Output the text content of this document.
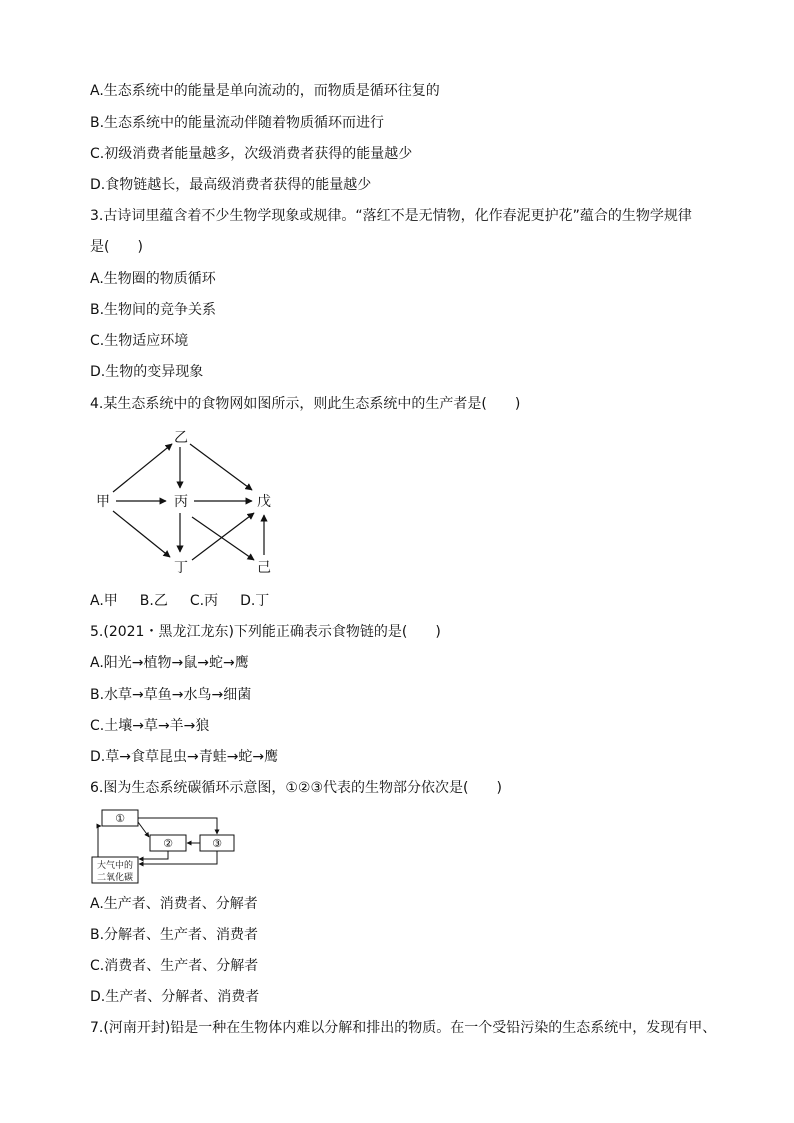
A.生态系统中的能量是单向流动的，而物质是循环往复的
B.生态系统中的能量流动伴随着物质循环而进行
C.初级消费者能量越多，次级消费者获得的能量越少
D.食物链越长，最高级消费者获得的能量越少
3.古诗词里蕴含着不少生物学现象或规律。“落红不是无情物，化作春泥更护花”蕴合的生物学规律
是(　　)
A.生物圈的物质循环
B.生物间的竞争关系
C.生物适应环境
D.生物的变异现象
4.某生态系统中的食物网如图所示，则此生态系统中的生产者是(　　)
乙
甲	丙	戊
丁	己
A.甲 B.乙 C.丙 D.丁
5.(2021・黑龙江龙东)下列能正确表示食物链的是(　　)
A.阳光→植物→鼠→蛇→鹰
B.水草→草鱼→水鸟→细菌
C.土壤→草→羊→狼
D.草→食草昆虫→青蛙→蛇→鹰
6.图为生态系统碳循环示意图，①②③代表的生物部分依次是(　　)
①
②	③
大气中的
二氧化碳
A.生产者、消费者、分解者
B.分解者、生产者、消费者
C.消费者、生产者、分解者
D.生产者、分解者、消费者
7.(河南开封)铅是一种在生物体内难以分解和排出的物质。在一个受铅污染的生态系统中，发现有甲、
